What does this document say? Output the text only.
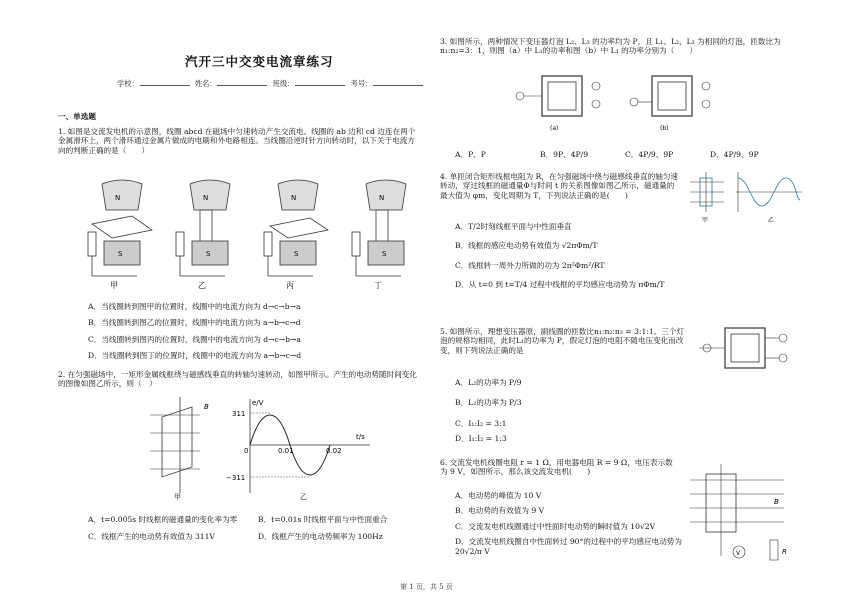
汽开三中交变电流章练习
学校：	姓名：	班级：	考号：
一、单选题

1. 如图是交流发电机的示意图，线圈 abcd 在磁场中匀速转动产生交流电。线圈的 ab 边和 cd 边连在两个金属滑环上，两个滑环通过金属片做成的电刷和外电路相连。当线圈沿逆时针方向转动时，以下关于电流方向的判断正确的是（　　）

N
S
甲
N
S
乙
N
S
丙
N
S
丁

A．当线圈转到图甲的位置时，线圈中的电流方向为 d→c→b→a

B．当线圈转到图乙的位置时，线圈中的电流方向为 a→b→c→d

C．当线圈转到图丙的位置时，线圈中的电流方向为 d→c→b→a

D．当线圈转到图丁的位置时，线圈中的电流方向为 a→b→c→d

2. 在匀强磁场中，一矩形金属线框绕与磁感线垂直的转轴匀速转动，如图甲所示。产生的电动势随时间变化的图像如图乙所示，则（　）

B
甲
e/V
311
−311
0	0.01	0.02
t/s
乙
A．t=0.005s 时线框的磁通量的变化率为零	B．t=0.01s 时线框平面与中性面重合
C．线框产生的电动势有效值为 311V	D．线框产生的电动势频率为 100Hz

3. 如图所示，两种情况下变压器灯泡 L₂、L₃ 的功率均为 P，且 L₁、L₂、L₃ 为相同的灯泡，匝数比为 n₁:n₂=3：1，则图（a）中 L₁的功率和图（b）中 L₁ 的功率分别为（　　）

(a)	(b)
A．P、P	B．9P、4P/9	C．4P/9、9P	D．4P/9、9P

4. 单匝闭合矩形线框电阻为 R，在匀强磁场中绕与磁感线垂直的轴匀速转动，穿过线框的磁通量Φ与时间 t 的关系图像如图乙所示，磁通量的最大值为 φm，变化周期为 T，下列说法正确的是(　　)

甲	乙

A．T/2时刻线框平面与中性面垂直

B．线框的感应电动势有效值为 √2πΦm/T

C．线框转一周外力所做的功为 2π²Φm²/RT

D．从 t=0 到 t=T/4 过程中线框的平均感应电动势为 πΦm/T

5. 如图所示，理想变压器原，副线圈的匝数比n₁:n₂:n₃ = 3:1:1。三个灯泡的规格均相同，此时L₁的功率为 P，假定灯泡的电阻不随电压变化而改变，则下列说法正确的是

A．L₂的功率为 P/9

B．L₂的功率为 P/3

C．I₁:I₂ = 3:1

D．I₁:I₂ = 1:3

6. 交流发电机线圈电阻 r = 1 Ω，用电器电阻 R = 9 Ω，电压表示数为 9 V，如图所示，那么该交流发电机(　　)

B
V	R

A．电动势的峰值为 10 V

B．电动势的有效值为 9 V

C．交流发电机线圈通过中性面时电动势的瞬时值为 10√2V

D．交流发电机线圈自中性面转过 90°的过程中的平均感应电动势为 20√2/π V

第 1 页，共 5 页
